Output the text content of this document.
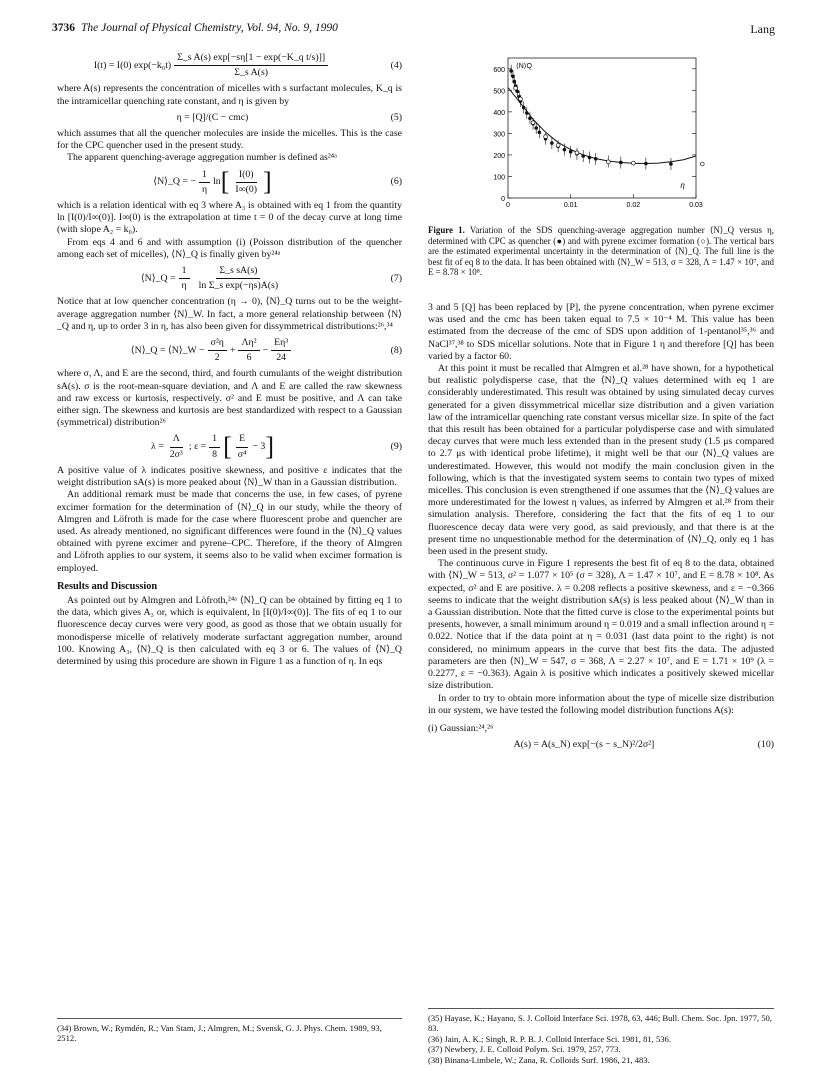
3736 The Journal of Physical Chemistry, Vol. 94, No. 9, 1990	Lang
I(t) = I(0) $\exp(-k_0t) \frac{\text{Σ\_s A(s) exp[−sη[1 − exp(−K\_q t/s)]]}}{\text{Σ\_s A(s)}}$	(4)

where A(s) represents the concentration of micelles with s surfactant molecules, K_q is the intramicellar quenching rate constant, and η is given by

η = [Q]/(C − cmc)	(5)

which assumes that all the quencher molecules are inside the micelles. This is the case for the CPC quencher used in the present study.

The apparent quenching-average aggregation number is defined as²⁴ᵃ

⟨N⟩_Q = − $\frac{1}{\eta}$ ln [ $\frac{I(0)}{I\infty(0)}$ ]	(6)

which is a relation identical with eq 3 where A₃ is obtained with eq 1 from the quantity ln [I(0)/I∞(0)]. I∞(0) is the extrapolation at time t = 0 of the decay curve at long time (with slope A₂ = k₀).

From eqs 4 and 6 and with assumption (i) (Poisson distribution of the quencher among each set of micelles), ⟨N⟩_Q is finally given by²⁴ᵃ

⟨N⟩_Q = $\frac{1}{\eta} \frac{\text{Σ\_s sA(s)}}{\text{ln Σ\_s exp(−ηs)A(s)}}$	(7)

Notice that at low quencher concentration (η → 0), ⟨N⟩_Q turns out to be the weight-average aggregation number ⟨N⟩_W. In fact, a more general relationship between ⟨N⟩_Q and η, up to order 3 in η, has also been given for dissymmetrical distributions:²⁶,³⁴

⟨N⟩_Q = ⟨N⟩_W − $\frac{\text{σ²η}}{2} + \frac{\text{Λη²}}{6} - \frac{\text{Eη³}}{24}$	(8)

where σ, Λ, and E are the second, third, and fourth cumulants of the weight distribution sA(s). σ is the root-mean-square deviation, and Λ and E are called the raw skewness and raw excess or kurtosis, respectively. σ² and E must be positive, and Λ can take either sign. The skewness and kurtosis are best standardized with respect to a Gaussian (symmetrical) distribution²⁶

$\lambda = \frac{\Lambda}{\text{2σ³}}$ ;
$\varepsilon = \frac{1}{8}$ [ $\frac{E}{\text{σ⁴}} - 3$ ]	(9)

A positive value of λ indicates positive skewness, and positive ε indicates that the weight distribution sA(s) is more peaked about ⟨N⟩_W than in a Gaussian distribution.

An additional remark must be made that concerns the use, in few cases, of pyrene excimer formation for the determination of ⟨N⟩_Q in our study, while the theory of Almgren and Löfroth is made for the case where fluorescent probe and quencher are used. As already mentioned, no significant differences were found in the ⟨N⟩_Q values obtained with pyrene excimer and pyrene–CPC. Therefore, if the theory of Almgren and Löfroth applies to our system, it seems also to be valid when excimer formation is employed.

Results and Discussion

As pointed out by Almgren and Löfroth,²⁴ᵃ ⟨N⟩_Q can be obtained by fitting eq 1 to the data, which gives A₃ or, which is equivalent, ln [I(0)/I∞(0)]. The fits of eq 1 to our fluorescence decay curves were very good, as good as those that we obtain usually for monodisperse micelle of relatively moderate surfactant aggregation number, around 100. Knowing A₃, ⟨N⟩_Q is then calculated with eq 3 or 6. The values of ⟨N⟩_Q determined by using this procedure are shown in Figure 1 as a function of η. In eqs

(34) Brown, W.; Rymdén, R.; Van Stam, J.; Almgren, M.; Svensk, G. J. Phys. Chem. 1989, 93, 2512.
600
500
400
300
200
100
0
0	0.01	0.02	0.03
⟨N⟩Q
η
Figure 1. Variation of the SDS quenching-average aggregation number ⟨N⟩_Q versus η, determined with CPC as quencher (●) and with pyrene excimer formation (○). The vertical bars are the estimated experimental uncertainty in the determination of ⟨N⟩_Q. The full line is the best fit of eq 8 to the data. It has been obtained with ⟨N⟩_W = 513, σ = 328, Λ = 1.47 × 10⁷, and E = 8.78 × 10⁸.

3 and 5 [Q] has been replaced by [P], the pyrene concentration, when pyrene excimer was used and the cmc has been taken equal to 7.5 × 10⁻⁴ M. This value has been estimated from the decrease of the cmc of SDS upon addition of 1-pentanol³⁵,³⁶ and NaCl³⁷,³⁸ to SDS micellar solutions. Note that in Figure 1 η and therefore [Q] has been varied by a factor 60.

At this point it must be recalled that Almgren et al.²⁸ have shown, for a hypothetical but realistic polydisperse case, that the ⟨N⟩_Q values determined with eq 1 are considerably underestimated. This result was obtained by using simulated decay curves generated for a given dissymmetrical micellar size distribution and a given variation law of the intramicellar quenching rate constant versus micellar size. In spite of the fact that this result has been obtained for a particular polydisperse case and with simulated decay curves that were much less extended than in the present study (1.5 μs compared to 2.7 μs with identical probe lifetime), it might well be that our ⟨N⟩_Q values are underestimated. However, this would not modify the main conclusion given in the following, which is that the investigated system seems to contain two types of mixed micelles. This conclusion is even strengthened if one assumes that the ⟨N⟩_Q values are more underestimated for the lowest η values, as inferred by Almgren et al.²⁸ from their simulation analysis. Therefore, considering the fact that the fits of eq 1 to our fluorescence decay data were very good, as said previously, and that there is at the present time no unquestionable method for the determination of ⟨N⟩_Q, only eq 1 has been used in the present study.

The continuous curve in Figure 1 represents the best fit of eq 8 to the data, obtained with ⟨N⟩_W = 513, σ² = 1.077 × 10⁵ (σ = 328), Λ = 1.47 × 10⁷, and E = 8.78 × 10⁸. As expected, σ² and E are positive. λ = 0.208 reflects a positive skewness, and ε = −0.366 seems to indicate that the weight distribution sA(s) is less peaked about ⟨N⟩_W than in a Gaussian distribution. Note that the fitted curve is close to the experimental points but presents, however, a small minimum around η = 0.019 and a small inflection around η = 0.022. Notice that if the data point at η = 0.031 (last data point to the right) is not considered, no minimum appears in the curve that best fits the data. The adjusted parameters are then ⟨N⟩_W = 547, σ = 368, Λ = 2.27 × 10⁷, and E = 1.71 × 10⁹ (λ = 0.2277, ε = −0.363). Again λ is positive which indicates a positively skewed micellar size distribution.

In order to try to obtain more information about the type of micelle size distribution in our system, we have tested the following model distribution functions A(s):

(i) Gaussian:²⁴,²⁶

A(s) = A(s_N) exp[−(s − s_N)²/2σ²]	(10)
(35) Hayase, K.; Hayano, S. J. Colloid Interface Sci. 1978, 63, 446; Bull. Chem. Soc. Jpn. 1977, 50, 83.
(36) Jain, A. K.; Singh, R. P. B. J. Colloid Interface Sci. 1981, 81, 536.
(37) Newbery, J. E. Colloid Polym. Sci. 1979, 257, 773.
(38) Binana-Limbele, W.; Zana, R. Colloids Surf. 1986, 21, 483.
